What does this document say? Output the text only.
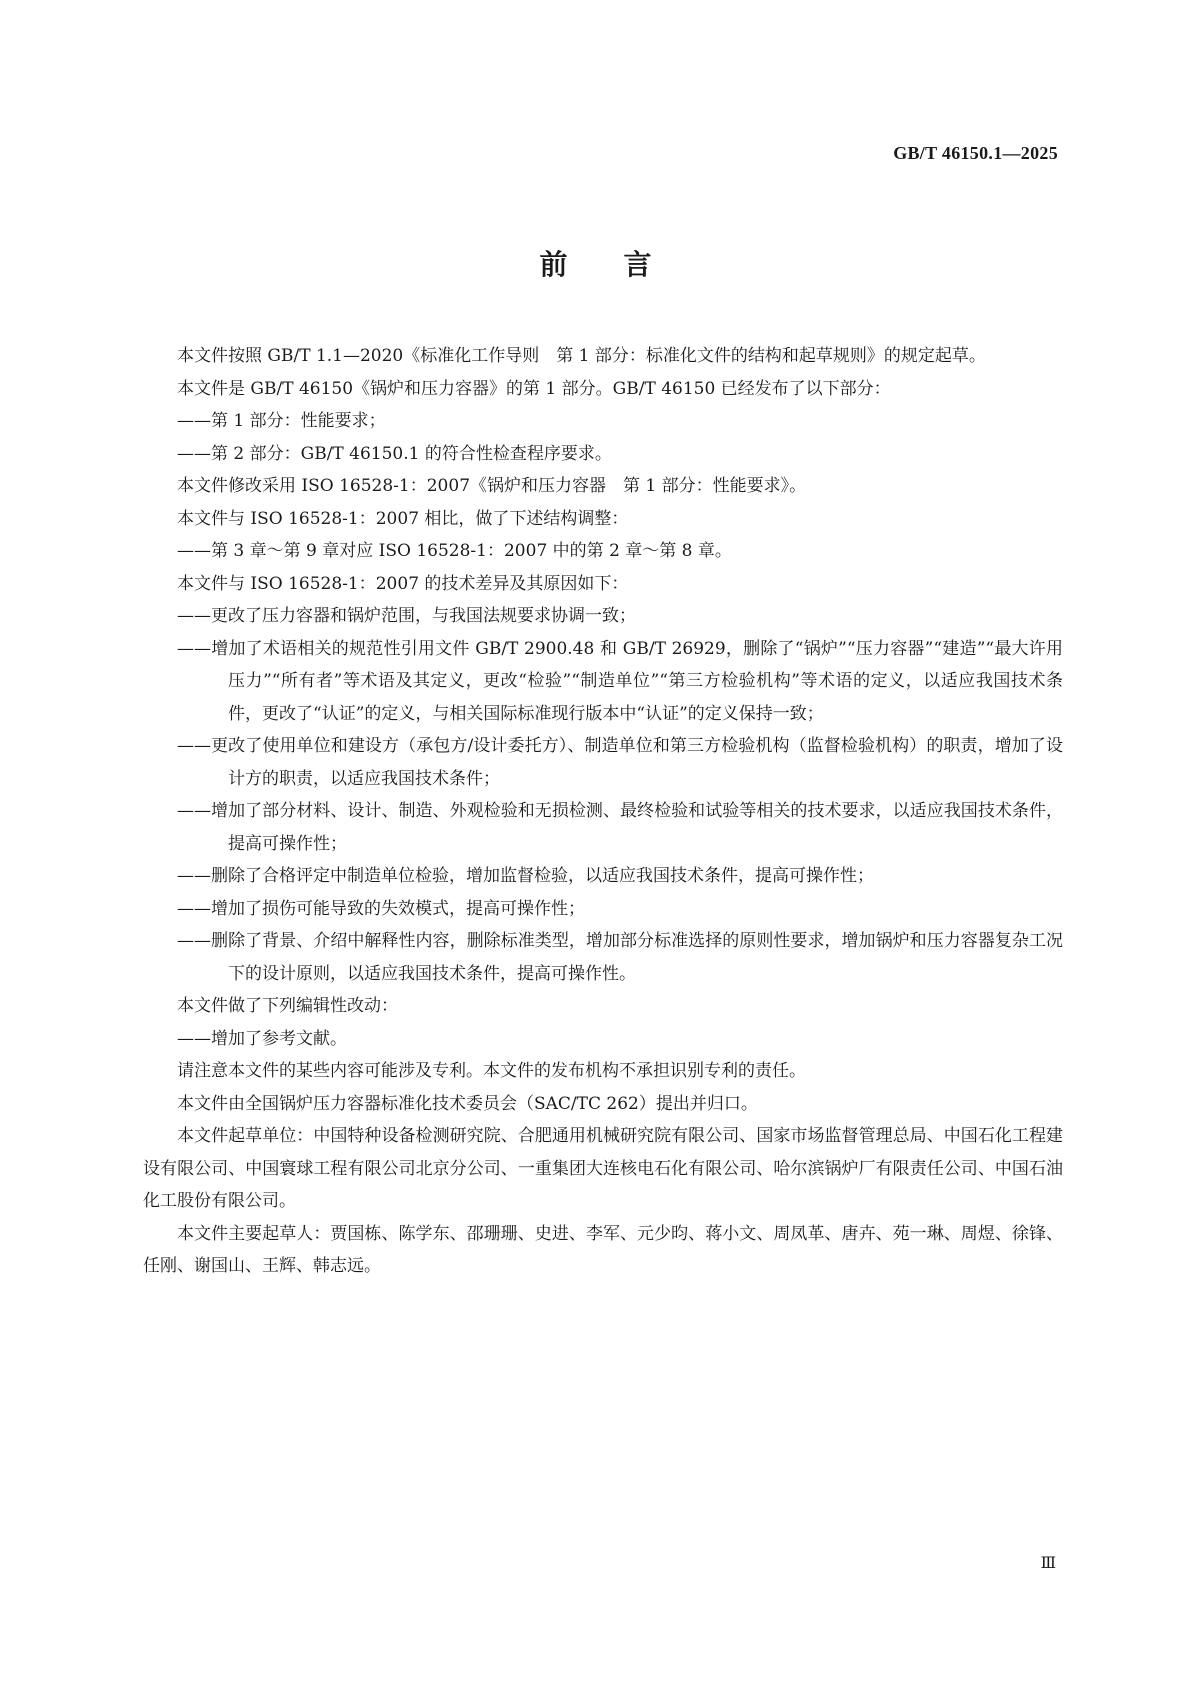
GB/T 46150.1—2025
前言

本文件按照 GB/T 1.1—2020《标准化工作导则　第 1 部分：标准化文件的结构和起草规则》的规定起草。

本文件是 GB/T 46150《锅炉和压力容器》的第 1 部分。GB/T 46150 已经发布了以下部分：

——第 1 部分：性能要求；

——第 2 部分：GB/T 46150.1 的符合性检查程序要求。

本文件修改采用 ISO 16528-1：2007《锅炉和压力容器　第 1 部分：性能要求》。

本文件与 ISO 16528-1：2007 相比，做了下述结构调整：

——第 3 章～第 9 章对应 ISO 16528-1：2007 中的第 2 章～第 8 章。

本文件与 ISO 16528-1：2007 的技术差异及其原因如下：

——更改了压力容器和锅炉范围，与我国法规要求协调一致；

——增加了术语相关的规范性引用文件 GB/T 2900.48 和 GB/T 26929，删除了“锅炉”“压力容器”“建造”“最大许用压力”“所有者”等术语及其定义，更改“检验”“制造单位”“第三方检验机构”等术语的定义，以适应我国技术条件，更改了“认证”的定义，与相关国际标准现行版本中“认证”的定义保持一致；

——更改了使用单位和建设方（承包方/设计委托方）、制造单位和第三方检验机构（监督检验机构）的职责，增加了设计方的职责，以适应我国技术条件；

——增加了部分材料、设计、制造、外观检验和无损检测、最终检验和试验等相关的技术要求，以适应我国技术条件，提高可操作性；

——删除了合格评定中制造单位检验，增加监督检验，以适应我国技术条件，提高可操作性；

——增加了损伤可能导致的失效模式，提高可操作性；

——删除了背景、介绍中解释性内容，删除标准类型，增加部分标准选择的原则性要求，增加锅炉和压力容器复杂工况下的设计原则，以适应我国技术条件，提高可操作性。

本文件做了下列编辑性改动：

——增加了参考文献。

请注意本文件的某些内容可能涉及专利。本文件的发布机构不承担识别专利的责任。

本文件由全国锅炉压力容器标准化技术委员会（SAC/TC 262）提出并归口。

本文件起草单位：中国特种设备检测研究院、合肥通用机械研究院有限公司、国家市场监督管理总局、中国石化工程建设有限公司、中国寰球工程有限公司北京分公司、一重集团大连核电石化有限公司、哈尔滨锅炉厂有限责任公司、中国石油化工股份有限公司。

本文件主要起草人：贾国栋、陈学东、邵珊珊、史进、李军、元少昀、蒋小文、周凤革、唐卉、苑一琳、周煜、徐锋、任刚、谢国山、王辉、韩志远。

Ⅲ
